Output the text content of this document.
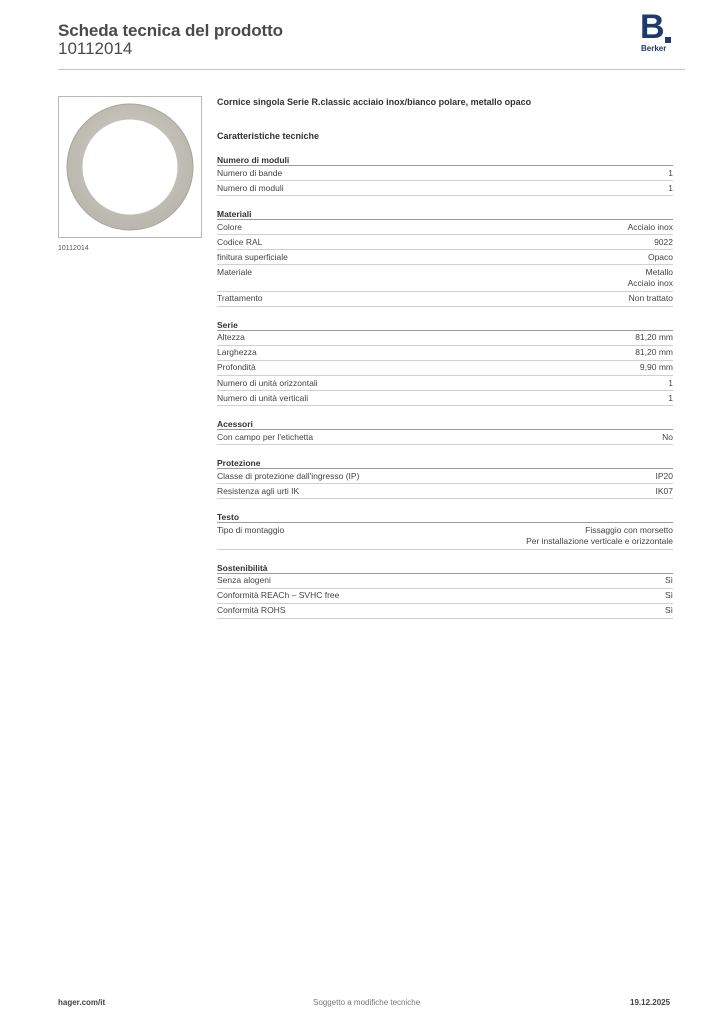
Scheda tecnica del prodotto
10112014
B
Berker
10112014
Cornice singola Serie R.classic acciaio inox/bianco polare, metallo opaco
Caratteristiche tecniche
Numero di moduli
Numero di bande	1
Numero di moduli	1
Materiali
Colore	Acciaio inox
Codice RAL	9022
finitura superficiale	Opaco
Materiale	Metallo
Acciaio inox
Trattamento	Non trattato
Serie
Altezza	81,20 mm
Larghezza	81,20 mm
Profondità	9,90 mm
Numero di unità orizzontali	1
Numero di unità verticali	1
Acessori
Con campo per l'etichetta	No
Protezione
Classe di protezione dall'ingresso (IP)	IP20
Resistenza agli urti IK	IK07
Testo
Tipo di montaggio	Fissaggio con morsetto
Per installazione verticale e orizzontale
Sostenibilità
Senza alogeni	Sì
Conformità REACh – SVHC free	Sì
Conformità ROHS	Sì
hager.com/it	Soggetto a modifiche tecniche	19.12.2025
